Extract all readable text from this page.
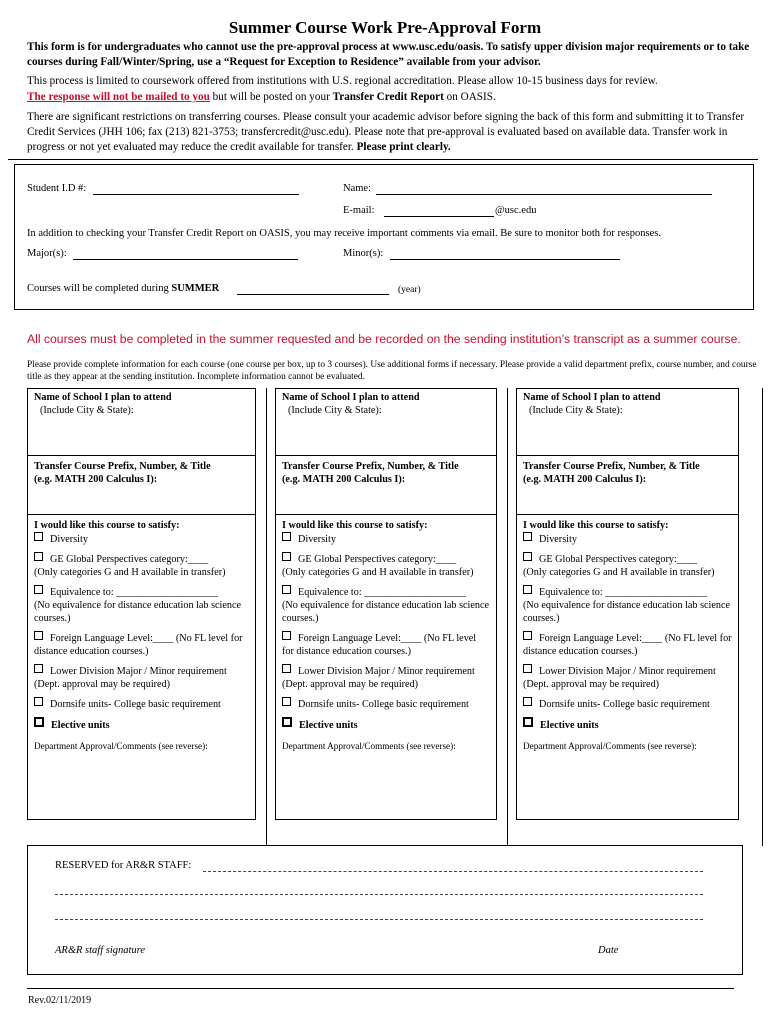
Summer Course Work Pre-Approval Form
This form is for undergraduates who cannot use the pre-approval process at www.usc.edu/oasis. To satisfy upper division major requirements or to take courses during Fall/Winter/Spring, use a “Request for Exception to Residence” available from your advisor.
This process is limited to coursework offered from institutions with U.S. regional accreditation. Please allow 10-15 business days for review.
The response will not be mailed to you but will be posted on your Transfer Credit Report on OASIS.
There are significant restrictions on transferring courses. Please consult your academic advisor before signing the back of this form and submitting it to Transfer Credit Services (JHH 106; fax (213) 821-3753; transfercredit@usc.edu). Please note that pre-approval is evaluated based on available data. Transfer work in progress or not yet evaluated may reduce the credit available for transfer. Please print clearly.
Student I.D #:	Name:
E-mail:	@usc.edu
In addition to checking your Transfer Credit Report on OASIS, you may receive important comments via email. Be sure to monitor both for responses.
Major(s):	Minor(s):
Courses will be completed during SUMMER	(year)
All courses must be completed in the summer requested and be recorded on the sending institution’s transcript as a summer course.
Please provide complete information for each course (one course per box, up to 3 courses). Use additional forms if necessary. Please provide a valid department prefix, course number, and course title as they appear at the sending institution. Incomplete information cannot be evaluated.
Name of School I plan to attend
(Include City & State):
Transfer Course Prefix, Number, & Title
(e.g. MATH 200 Calculus I):
I would like this course to satisfy:
Diversity
GE Global Perspectives category:____
(Only categories G and H available in transfer)
Equivalence to: ____________________
(No equivalence for distance education lab science courses.)
Foreign Language Level:____ (No FL level for distance education courses.)
Lower Division Major / Minor requirement (Dept. approval may be required)
Dornsife units- College basic requirement
Elective units
Department Approval/Comments (see reverse):
Name of School I plan to attend
(Include City & State):
Transfer Course Prefix, Number, & Title
(e.g. MATH 200 Calculus I):
I would like this course to satisfy:
Diversity
GE Global Perspectives category:____
(Only categories G and H available in transfer)
Equivalence to: ____________________
(No equivalence for distance education lab science courses.)
Foreign Language Level:____ (No FL level for distance education courses.)
Lower Division Major / Minor requirement (Dept. approval may be required)
Dornsife units- College basic requirement
Elective units
Department Approval/Comments (see reverse):
Name of School I plan to attend
(Include City & State):
Transfer Course Prefix, Number, & Title
(e.g. MATH 200 Calculus I):
I would like this course to satisfy:
Diversity
GE Global Perspectives category:____
(Only categories G and H available in transfer)
Equivalence to: ____________________
(No equivalence for distance education lab science courses.)
Foreign Language Level:____ (No FL level for distance education courses.)
Lower Division Major / Minor requirement (Dept. approval may be required)
Dornsife units- College basic requirement
Elective units
Department Approval/Comments (see reverse):
RESERVED for AR&R STAFF:
AR&R staff signature	Date
Rev.02/11/2019
